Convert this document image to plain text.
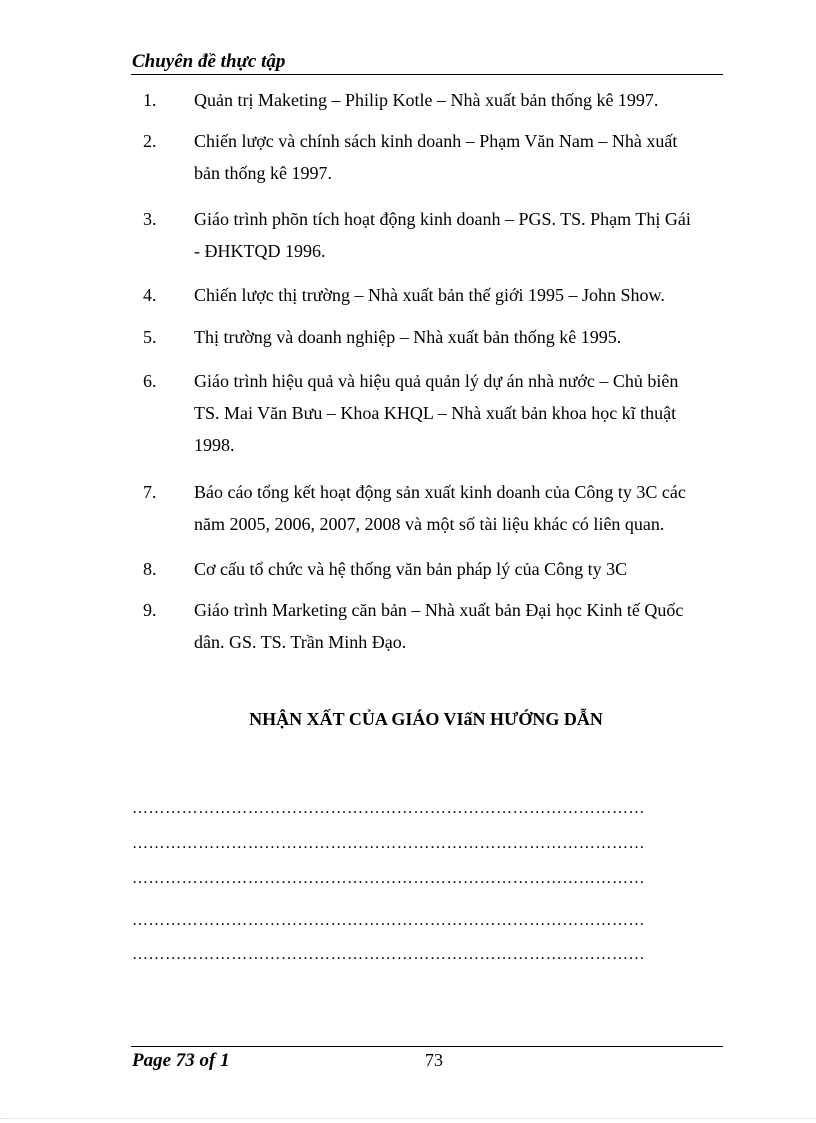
Chuyên đề thực tập
1. Quản trị Maketing – Philip Kotle – Nhà xuất bản thống kê 1997.
2. Chiến lược và chính sách kinh doanh – Phạm Văn Nam – Nhà xuất
bản thống kê 1997.
3. Giáo trình phõn tích hoạt động kinh doanh – PGS. TS. Phạm Thị Gái
- ĐHKTQD 1996.
4. Chiến lược thị trường – Nhà xuất bản thế giới 1995 – John Show.
5. Thị trường và doanh nghiệp – Nhà xuất bản thống kê 1995.
6. Giáo trình hiệu quả và hiệu quả quản lý dự án nhà nước – Chủ biên
TS. Mai Văn Bưu – Khoa KHQL – Nhà xuất bản khoa học kĩ thuật
1998.
7. Báo cáo tổng kết hoạt động sản xuất kinh doanh của Công ty 3C các
năm 2005, 2006, 2007, 2008 và một số tài liệu khác có liên quan.
8. Cơ cấu tổ chức và hệ thống văn bản pháp lý của Công ty 3C
9. Giáo trình Marketing căn bản – Nhà xuất bản Đại học Kinh tế Quốc
dân. GS. TS. Trần Minh Đạo.
NHẬN XẤT CỦA GIÁO VIấN HƯỚNG DẪN
…………………………………………………………………………………
…………………………………………………………………………………
…………………………………………………………………………………
…………………………………………………………………………………
…………………………………………………………………………………
Page 73 of 1	73
